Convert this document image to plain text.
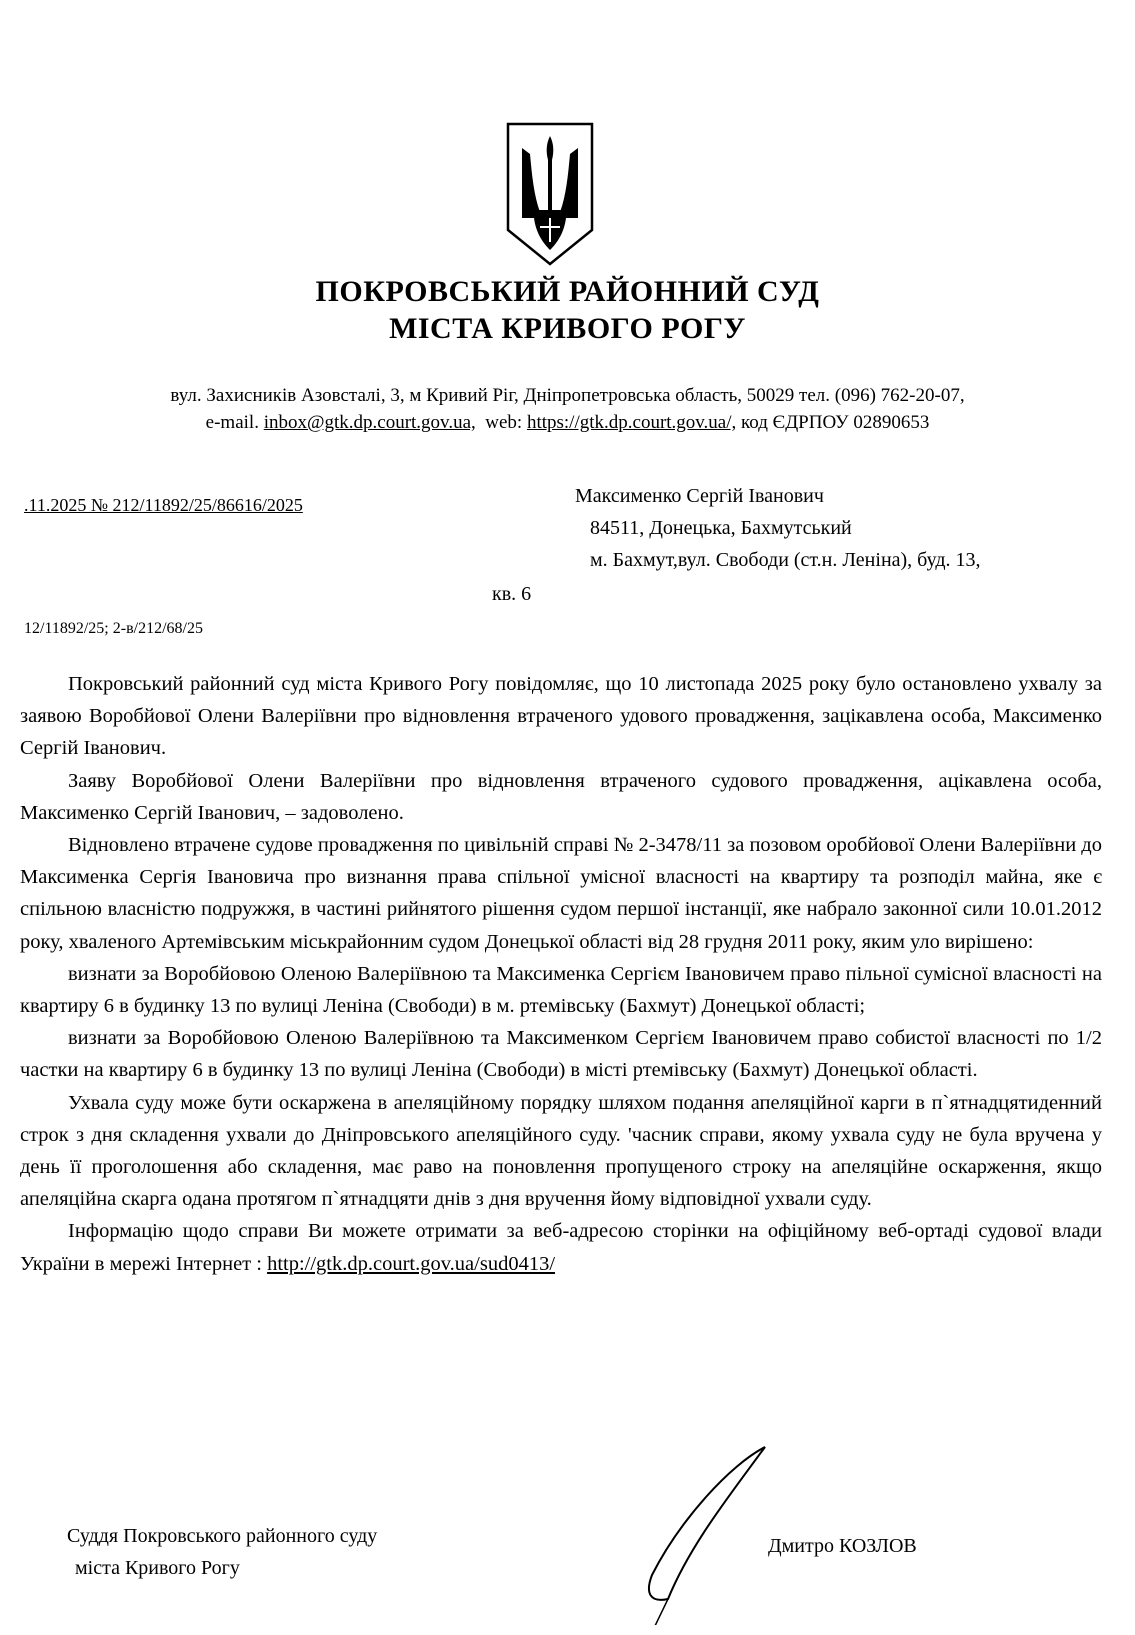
ПОКРОВСЬКИЙ РАЙОННИЙ СУД
МІСТА КРИВОГО РОГУ
вул. Захисників Азовсталі, 3, м Кривий Ріг, Дніпропетровська область, 50029 тел. (096) 762-20-07,
e-mail. inbox@gtk.dp.court.gov.ua, web: https://gtk.dp.court.gov.ua/, код ЄДРПОУ 02890653
.11.2025 № 212/11892/25/86616/2025	Максименко Сергій Іванович
84511, Донецька, Бахмутський
м. Бахмут,вул. Свободи (ст.н. Леніна), буд. 13,
кв. 6
12/11892/25; 2-в/212/68/25

Покровський районний суд міста Кривого Рогу повідомляє, що 10 листопада 2025 року було остановлено ухвалу за заявою Воробйової Олени Валеріївни про відновлення втраченого удового провадження, зацікавлена особа, Максименко Сергій Іванович.

Заяву Воробйової Олени Валеріївни про відновлення втраченого судового провадження, ацікавлена особа, Максименко Сергій Іванович, – задоволено.

Відновлено втрачене судове провадження по цивільній справі № 2-3478/11 за позовом оробйової Олени Валеріївни до Максименка Сергія Івановича про визнання права спільної умісної власності на квартиру та розподіл майна, яке є спільною власністю подружжя, в частині рийнятого рішення судом першої інстанції, яке набрало законної сили 10.01.2012 року, хваленого Артемівським міськрайонним судом Донецької області від 28 грудня 2011 року, яким уло вирішено:

визнати за Воробйовою Оленою Валеріївною та Максименка Сергієм Івановичем право пільної сумісної власності на квартиру 6 в будинку 13 по вулиці Леніна (Свободи) в м. ртемівську (Бахмут) Донецької області;

визнати за Воробйовою Оленою Валеріївною та Максименком Сергієм Івановичем право собистої власності по 1/2 частки на квартиру 6 в будинку 13 по вулиці Леніна (Свободи) в місті ртемівську (Бахмут) Донецької області.

Ухвала суду може бути оскаржена в апеляційному порядку шляхом подання апеляційної карги в п`ятнадцятиденний строк з дня складення ухвали до Дніпровського апеляційного суду. 'часник справи, якому ухвала суду не була вручена у день її проголошення або складення, має раво на поновлення пропущеного строку на апеляційне оскарження, якщо апеляційна скарга одана протягом п`ятнадцяти днів з дня вручення йому відповідної ухвали суду.

Інформацію щодо справи Ви можете отримати за веб-адресою сторінки на офіційному веб-ортаді судової влади України в мережі Інтернет : http://gtk.dp.court.gov.ua/sud0413/

Суддя Покровського районного суду
міста Кривого Рогу
Дмитро КОЗЛОВ
